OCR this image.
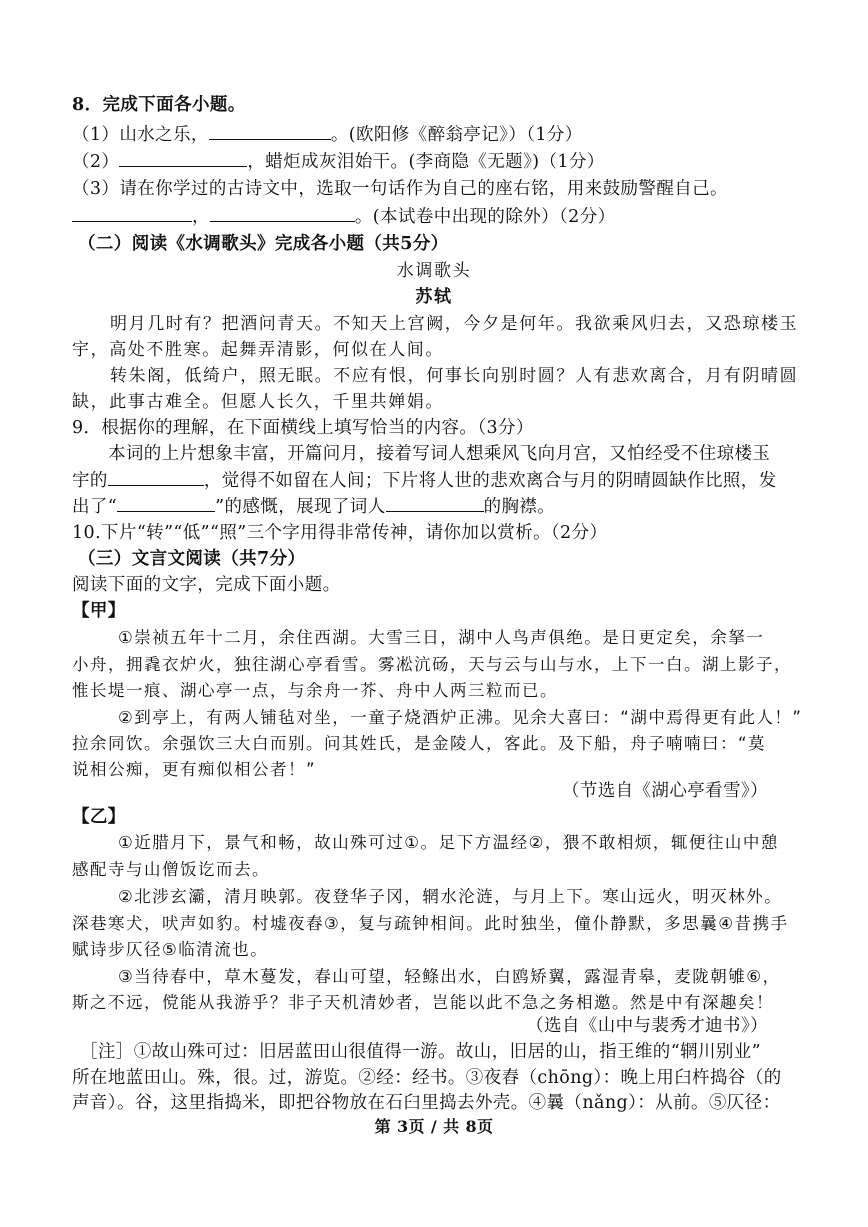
8．完成下面各小题。
（1）山水之乐，	。(欧阳修《醉翁亭记》）（1分）
（2）	，蜡炬成灰泪始干。(李商隐《无题》)（1分）
（3）请在你学过的古诗文中，选取一句话作为自己的座右铭，用来鼓励警醒自己。
，	。(本试卷中出现的除外）（2分）
（二）阅读《水调歌头》完成各小题（共5分）
水调歌头
苏轼
明月几时有？把酒问青天。不知天上宫阙，今夕是何年。我欲乘风归去，又恐琼楼玉
宇，高处不胜寒。起舞弄清影，何似在人间。
转朱阁，低绮户，照无眠。不应有恨，何事长向别时圆？人有悲欢离合，月有阴晴圆
缺，此事古难全。但愿人长久，千里共婵娟。
9．根据你的理解，在下面横线上填写恰当的内容。（3分）
本词的上片想象丰富，开篇问月，接着写词人想乘风飞向月宫，又怕经受不住琼楼玉
宇的	，觉得不如留在人间；下片将人世的悲欢离合与月的阴晴圆缺作比照，发
出了“	”的感慨，展现了词人	的胸襟。
10.下片“转”“低”“照”三个字用得非常传神，请你加以赏析。（2分）
（三）文言文阅读（共7分）
阅读下面的文字，完成下面小题。
【甲】
①崇祯五年十二月，余住西湖。大雪三日，湖中人鸟声俱绝。是日更定矣，余拏一
小舟，拥毳衣炉火，独往湖心亭看雪。雾凇沆砀，天与云与山与水，上下一白。湖上影子，
惟长堤一痕、湖心亭一点，与余舟一芥、舟中人两三粒而已。
②到亭上，有两人铺毡对坐，一童子烧酒炉正沸。见余大喜曰：“湖中焉得更有此人！”
拉余同饮。余强饮三大白而别。问其姓氏，是金陵人，客此。及下船，舟子喃喃曰：“莫
说相公痴，更有痴似相公者！”
（节选自《湖心亭看雪》）
【乙】
①近腊月下，景气和畅，故山殊可过①。足下方温经②，猥不敢相烦，辄便往山中憩
感配寺与山僧饭讫而去。
②北涉玄灞，清月映郭。夜登华子冈，辋水沦涟，与月上下。寒山远火，明灭林外。
深巷寒犬，吠声如豹。村墟夜舂③，复与疏钟相间。此时独坐，僮仆静默，多思曩④昔携手
赋诗步仄径⑤临清流也。
③当待春中，草木蔓发，春山可望，轻鲦出水，白鸥矫翼，露湿青皋，麦陇朝雊⑥，
斯之不远，傥能从我游乎？非子天机清妙者，岂能以此不急之务相邀。然是中有深趣矣！
（选自《山中与裴秀才迪书》）
［注］①故山殊可过：旧居蓝田山很值得一游。故山，旧居的山，指王维的“辋川别业”
所在地蓝田山。殊，很。过，游览。②经：经书。③夜舂（chōng）：晚上用臼杵捣谷（的
声音）。谷，这里指捣米，即把谷物放在石臼里捣去外壳。④曩（nǎng）：从前。⑤仄径：
第 3页 / 共 8页
